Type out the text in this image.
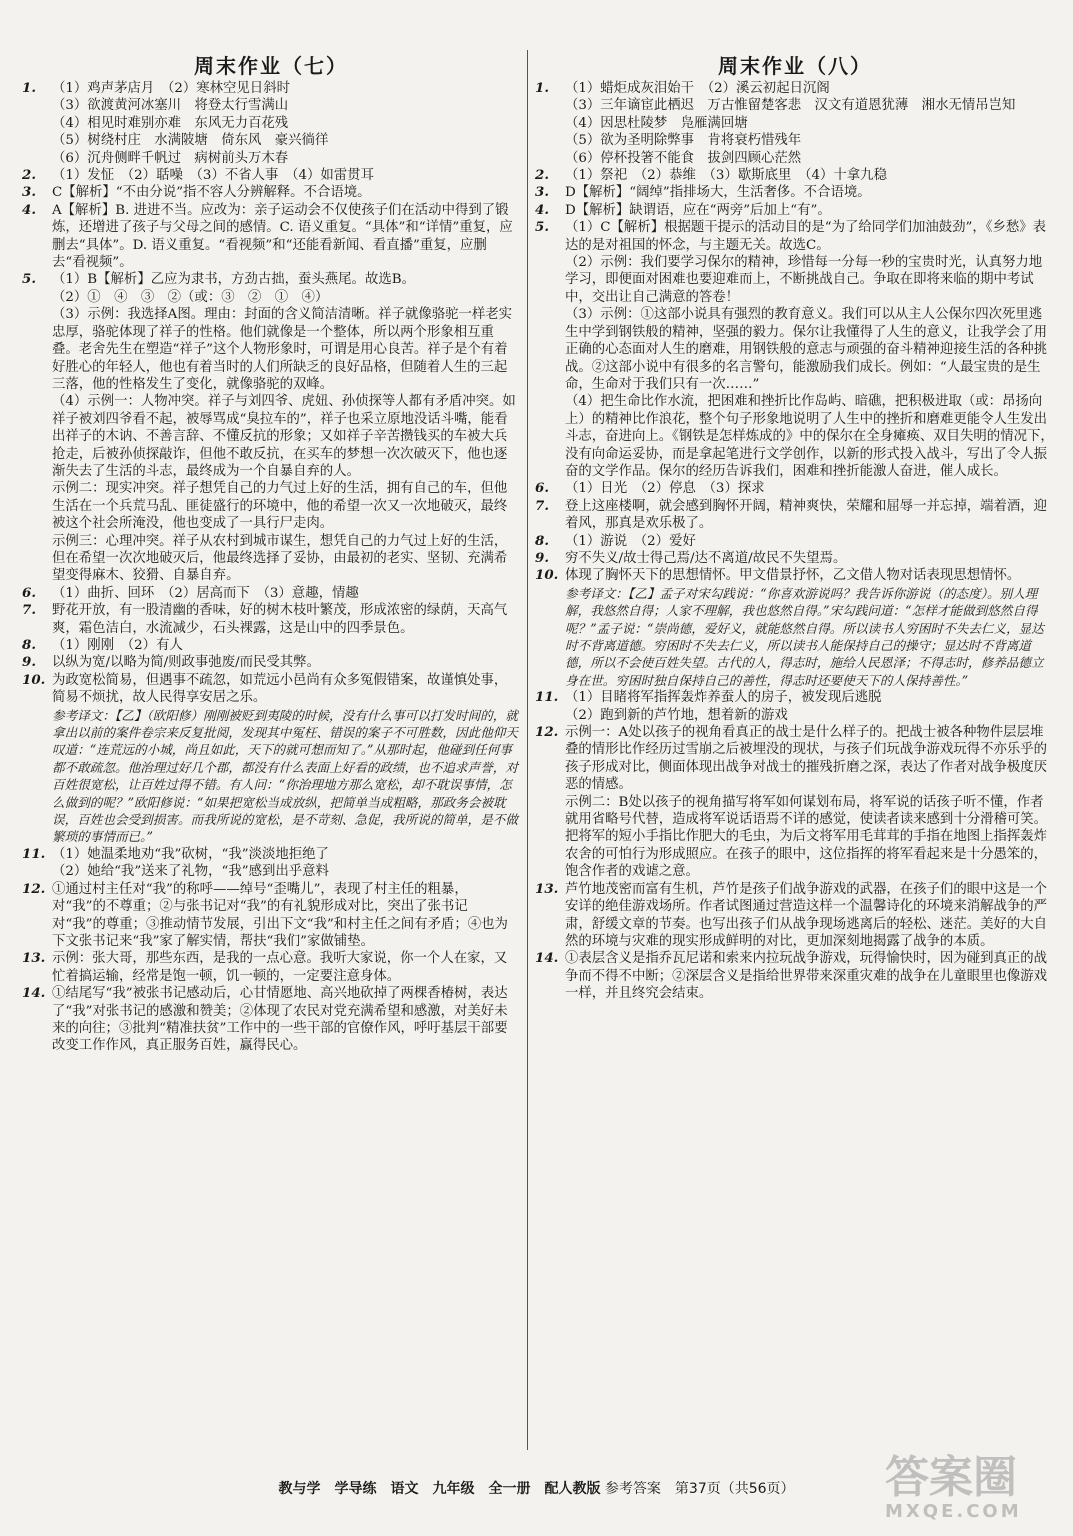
周末作业（七）
1.	（1）鸡声茅店月　（2）寒林空见日斜时
（3）欲渡黄河冰塞川　将登太行雪满山
（4）相见时难别亦难　东风无力百花残
（5）树绕村庄　水满陂塘　倚东风　豪兴徜徉
（6）沉舟侧畔千帆过　病树前头万木春
2.	（1）发怔　（2）聒噪　（3）不省人事　（4）如雷贯耳
3.	C【解析】“不由分说”指不容人分辨解释。不合语境。
4.	A【解析】B. 进进不当。应改为：亲子运动会不仅使孩子们在活动中得到了锻炼，还增进了孩子与父母之间的感情。C. 语义重复。“具体”和“详情”重复，应删去“具体”。D. 语义重复。“看视频”和“还能看新闻、看直播”重复，应删去“看视频”。
5.	（1）B【解析】乙应为隶书，方劲古拙，蚕头燕尾。故选B。
（2）①　④　③　②（或：③　②　①　④）
（3）示例：我选择A图。理由：封面的含义简洁清晰。祥子就像骆驼一样老实忠厚，骆驼体现了祥子的性格。他们就像是一个整体，所以两个形象相互重叠。老舍先生在塑造“祥子”这个人物形象时，可谓是用心良苦。祥子是个有着好胜心的年轻人，他也有着当时的人们所缺乏的良好品格，但随着人生的三起三落，他的性格发生了变化，就像骆驼的双峰。
（4）示例一：人物冲突。祥子与刘四爷、虎妞、孙侦探等人都有矛盾冲突。如祥子被刘四爷看不起，被辱骂成“臭拉车的”，祥子也采立原地没话斗嘴，能看出祥子的木讷、不善言辞、不懂反抗的形象；又如祥子辛苦攒钱买的车被大兵抢走，后被孙侦探敲诈，但他不敢反抗，在买车的梦想一次次破灭下，他也逐渐失去了生活的斗志，最终成为一个自暴自弃的人。
示例二：现实冲突。祥子想凭自己的力气过上好的生活，拥有自己的车，但他生活在一个兵荒马乱、匪徒盛行的环境中，他的希望一次又一次地破灭，最终被这个社会所淹没，他也变成了一具行尸走肉。
示例三：心理冲突。祥子从农村到城市谋生，想凭自己的力气过上好的生活，但在希望一次次地破灭后，他最终选择了妥协，由最初的老实、坚韧、充满希望变得麻木、狡猾、自暴自弃。
6.	（1）曲折、回环　（2）居高而下　（3）意趣，情趣
7.	野花开放，有一股清幽的香味，好的树木枝叶繁茂，形成浓密的绿荫，天高气爽，霜色洁白，水流减少，石头裸露，这是山中的四季景色。
8.	（1）刚刚　（2）有人
9.	以纵为宽/以略为简/则政事弛废/而民受其弊。
10. 为政宽松简易，但遇事不疏忽，如荒远小邑尚有众多冤假错案，故谨慎处事，简易不烦扰，故人民得享安居之乐。
参考译文：【乙】（欧阳修）刚刚被贬到夷陵的时候，没有什么事可以打发时间的，就拿出以前的案件卷宗来反复批阅，发现其中冤枉、错误的案子不可胜数，因此他仰天叹道：“连荒远的小城，尚且如此，天下的就可想而知了。”从那时起，他碰到任何事都不敢疏忽。他治理过好几个郡，都没有什么表面上好看的政绩，也不追求声誉，对百姓很宽松，让百姓过得不错。有人问：“你治理地方那么宽松，却不耽误事情，怎么做到的呢？”欧阳修说：“如果把宽松当成放纵，把简单当成粗略，那政务会被耽误，百姓也会受到损害。而我所说的宽松，是不苛刻、急促，我所说的简单，是不做繁琐的事情而已。”
11. （1）她温柔地劝“我”砍树，“我”淡淡地拒绝了
（2）她给“我”送来了礼物，“我”感到出乎意料
12. ①通过村主任对“我”的称呼——绰号“歪嘴儿”，表现了村主任的粗暴，对“我”的不尊重；②与张书记对“我”的有礼貌形成对比，突出了张书记对“我”的尊重；③推动情节发展，引出下文“我”和村主任之间有矛盾；④也为下文张书记来“我”家了解实情，帮扶“我们”家做铺垫。
13. 示例：张大哥，那些东西，是我的一点心意。我听大家说，你一个人在家，又忙着搞运输，经常是饱一顿，饥一顿的，一定要注意身体。
14. ①结尾写“我”被张书记感动后，心甘情愿地、高兴地砍掉了两棵香椿树，表达了“我”对张书记的感激和赞美；②体现了农民对党充满希望和感激，对美好未来的向往；③批判“精准扶贫”工作中的一些干部的官僚作风，呼吁基层干部要改变工作作风，真正服务百姓，赢得民心。
周末作业（八）
1.	（1）蜡炬成灰泪始干　（2）溪云初起日沉阁
（3）三年谪宦此栖迟　万古惟留楚客悲　汉文有道恩犹薄　湘水无情吊岂知
（4）因思杜陵梦　凫雁满回塘
（5）欲为圣明除弊事　肯将衰朽惜残年
（6）停杯投箸不能食　拔剑四顾心茫然
2.	（1）祭祀　（2）恭维　（3）歇斯底里　（4）十拿九稳
3.	D【解析】“阔绰”指排场大，生活奢侈。不合语境。
4.	D【解析】缺谓语，应在“两旁”后加上“有”。
5.	（1）C【解析】根据题干提示的活动目的是“为了给同学们加油鼓劲”，《乡愁》表达的是对祖国的怀念，与主题无关。故选C。
（2）示例：我们要学习保尔的精神，珍惜每一分每一秒的宝贵时光，认真努力地学习，即便面对困难也要迎难而上，不断挑战自己。争取在即将来临的期中考试中，交出让自己满意的答卷！
（3）示例：①这部小说具有强烈的教育意义。我们可以从主人公保尔四次死里逃生中学到钢铁般的精神，坚强的毅力。保尔让我懂得了人生的意义，让我学会了用正确的心态面对人生的磨难，用钢铁般的意志与顽强的奋斗精神迎接生活的各种挑战。②这部小说中有很多的名言警句，能激励我们成长。例如：“人最宝贵的是生命，生命对于我们只有一次……”
（4）把生命比作水流，把困难和挫折比作岛屿、暗礁，把积极进取（或：昂扬向上）的精神比作浪花，整个句子形象地说明了人生中的挫折和磨难更能令人生发出斗志，奋进向上。《钢铁是怎样炼成的》中的保尔在全身瘫痪、双目失明的情况下，没有向命运妥协，而是拿起笔进行文学创作，以新的形式投入战斗，写出了令人振奋的文学作品。保尔的经历告诉我们，困难和挫折能激人奋进，催人成长。
6.	（1）日光　（2）停息　（3）探求
7.	登上这座楼啊，就会感到胸怀开阔，精神爽快，荣耀和屈辱一并忘掉，端着酒，迎着风，那真是欢乐极了。
8.	（1）游说　（2）爱好
9.	穷不失义/故士得己焉/达不离道/故民不失望焉。
10. 体现了胸怀天下的思想情怀。甲文借景抒怀，乙文借人物对话表现思想情怀。
参考译文：【乙】孟子对宋勾践说：“你喜欢游说吗？我告诉你游说（的态度）。别人理解，我悠然自得；人家不理解，我也悠然自得。”宋勾践问道：“怎样才能做到悠然自得呢？”孟子说：“崇尚德，爱好义，就能悠然自得。所以读书人穷困时不失去仁义，显达时不背离道德。穷困时不失去仁义，所以读书人能保持自己的操守；显达时不背离道德，所以不会使百姓失望。古代的人，得志时，施给人民恩泽；不得志时，修养品德立身在世。穷困时独自保持自己的善性，得志时还要使天下的人保持善性。”
11. （1）目睹将军指挥轰炸养蚕人的房子，被发现后逃脱
（2）跑到新的芦竹地，想着新的游戏
12. 示例一：A处以孩子的视角看真正的战士是什么样子的。把战士被各种物件层层堆叠的情形比作经历过雪崩之后被埋没的现状，与孩子们玩战争游戏玩得不亦乐乎的孩子形成对比，侧面体现出战争对战士的摧残折磨之深，表达了作者对战争极度厌恶的情感。
示例二：B处以孩子的视角描写将军如何谋划布局，将军说的话孩子听不懂，作者就用省略号代替，造成将军说话语焉不详的感觉，使读者读来感到十分滑稽可笑。把将军的短小手指比作肥大的毛虫，为后文将军用毛茸茸的手指在地图上指挥轰炸农舍的可怕行为形成照应。在孩子的眼中，这位指挥的将军看起来是十分愚笨的，饱含作者的戏谑之意。
13. 芦竹地茂密而富有生机，芦竹是孩子们战争游戏的武器，在孩子们的眼中这是一个安详的绝佳游戏场所。作者试图通过营造这样一个温馨诗化的环境来消解战争的严肃，舒缓文章的节奏。也写出孩子们从战争现场逃离后的轻松、迷茫。美好的大自然的环境与灾难的现实形成鲜明的对比，更加深刻地揭露了战争的本质。
14. ①表层含义是指乔瓦尼诺和索来内拉玩战争游戏，玩得愉快时，因为碰到真正的战争而不得不中断；②深层含义是指给世界带来深重灾难的战争在儿童眼里也像游戏一样，并且终究会结束。
教与学　学导练　语文　九年级　全一册　配人教版 参考答案　第37页（共56页）	答案圈
MXQE.COM
